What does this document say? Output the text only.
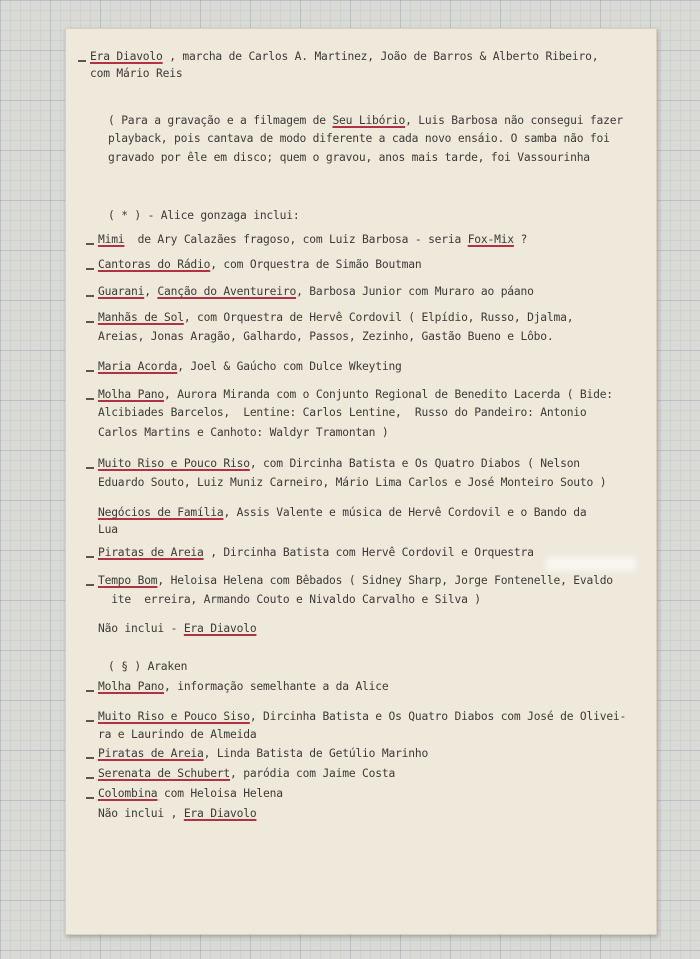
Era Diavolo , marcha de Carlos A. Martinez, João de Barros & Alberto Ribeiro,
com Mário Reis
( Para a gravação e a filmagem de Seu Libório, Luis Barbosa não consegui fazer
playback, pois cantava de modo diferente a cada novo ensáio. O samba não foi
gravado por êle em disco; quem o gravou, anos mais tarde, foi Vassourinha
( * ) - Alice gonzaga inclui:
Mimi  de Ary Calazães fragoso, com Luiz Barbosa - seria Fox-Mix ?
Cantoras do Rádio, com Orquestra de Simão Boutman
Guarani, Canção do Aventureiro, Barbosa Junior com Muraro ao páano
Manhãs de Sol, com Orquestra de Hervê Cordovil ( Elpídio, Russo, Djalma,
Areias, Jonas Aragão, Galhardo, Passos, Zezinho, Gastão Bueno e Lôbo.
Maria Acorda, Joel & Gaúcho com Dulce Wkeyting
Molha Pano, Aurora Miranda com o Conjunto Regional de Benedito Lacerda ( Bide:
Alcibiades Barcelos,  Lentine: Carlos Lentine,  Russo do Pandeiro: Antonio
Carlos Martins e Canhoto: Waldyr Tramontan )
Muito Riso e Pouco Riso, com Dircinha Batista e Os Quatro Diabos ( Nelson
Eduardo Souto, Luiz Muniz Carneiro, Mário Lima Carlos e José Monteiro Souto )
Negócios de Família, Assis Valente e música de Hervê Cordovil e o Bando da
Lua
Piratas de Areia , Dircinha Batista com Hervê Cordovil e Orquestra
Tempo Bom, Heloisa Helena com Bêbados ( Sidney Sharp, Jorge Fontenelle, Evaldo
ite  erreira, Armando Couto e Nivaldo Carvalho e Silva )
Não inclui - Era Diavolo
( § ) Araken
Molha Pano, informação semelhante a da Alice
Muito Riso e Pouco Siso, Dircinha Batista e Os Quatro Diabos com José de Olivei-
ra e Laurindo de Almeida
Piratas de Areia, Linda Batista de Getúlio Marinho
Serenata de Schubert, paródia com Jaime Costa
Colombina com Heloisa Helena
Não inclui , Era Diavolo
